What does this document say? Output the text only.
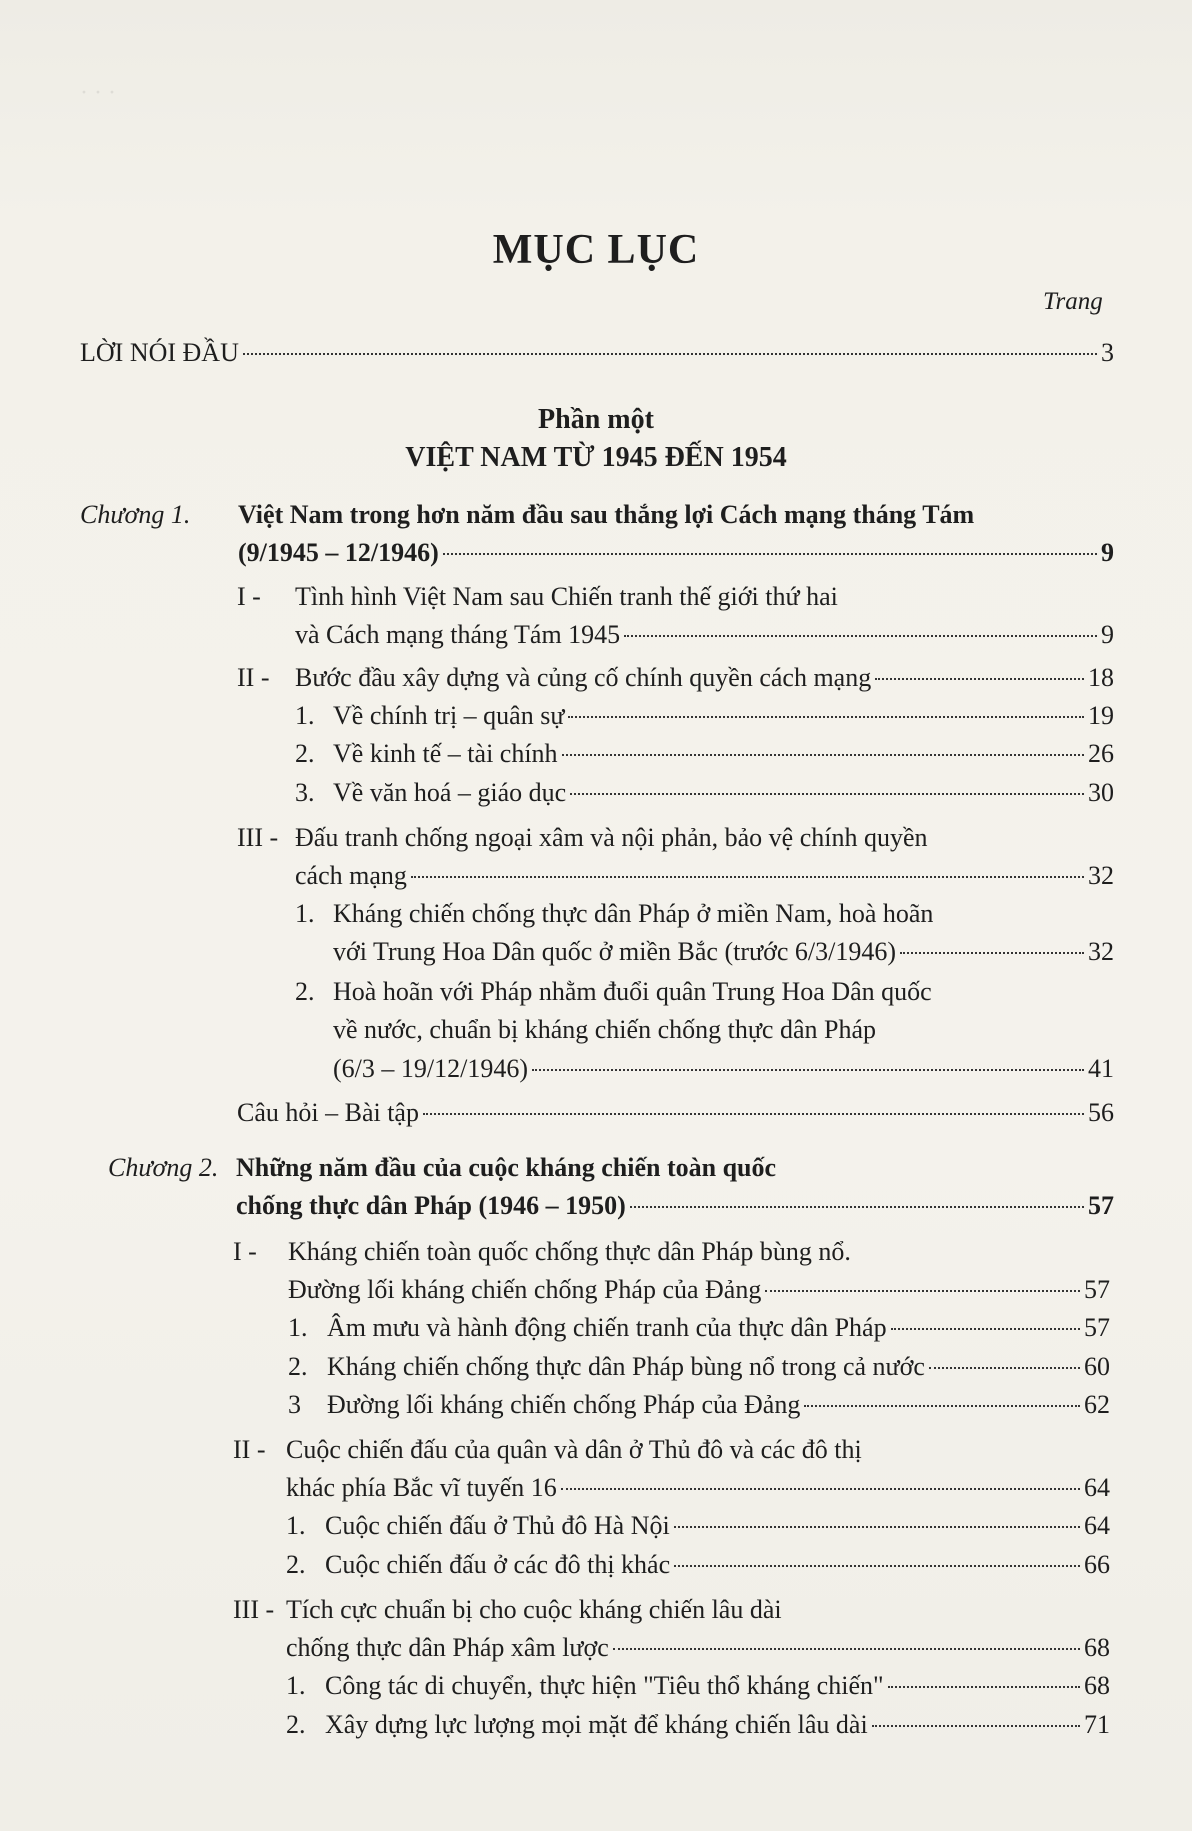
· · ·
MỤC LỤC
Trang
LỜI NÓI ĐẦU	3
Phần một
VIỆT NAM TỪ 1945 ĐẾN 1954
Chương 1. Việt Nam trong hơn năm đầu sau thắng lợi Cách mạng tháng Tám
(9/1945 – 12/1946)	9
I - Tình hình Việt Nam sau Chiến tranh thế giới thứ hai
và Cách mạng tháng Tám 1945	9
II - Bước đầu xây dựng và củng cố chính quyền cách mạng	18
1. Về chính trị – quân sự	19
2. Về kinh tế – tài chính	26
3. Về văn hoá – giáo dục	30
III - Đấu tranh chống ngoại xâm và nội phản, bảo vệ chính quyền
cách mạng	32
1. Kháng chiến chống thực dân Pháp ở miền Nam, hoà hoãn
với Trung Hoa Dân quốc ở miền Bắc (trước 6/3/1946)	32
2. Hoà hoãn với Pháp nhằm đuổi quân Trung Hoa Dân quốc
về nước, chuẩn bị kháng chiến chống thực dân Pháp
(6/3 – 19/12/1946)	41
Câu hỏi – Bài tập	56
Chương 2. Những năm đầu của cuộc kháng chiến toàn quốc
chống thực dân Pháp (1946 – 1950)	57
I - Kháng chiến toàn quốc chống thực dân Pháp bùng nổ.
Đường lối kháng chiến chống Pháp của Đảng	57
1. Âm mưu và hành động chiến tranh của thực dân Pháp	57
2. Kháng chiến chống thực dân Pháp bùng nổ trong cả nước	60
3 Đường lối kháng chiến chống Pháp của Đảng	62
II - Cuộc chiến đấu của quân và dân ở Thủ đô và các đô thị
khác phía Bắc vĩ tuyến 16	64
1. Cuộc chiến đấu ở Thủ đô Hà Nội	64
2. Cuộc chiến đấu ở các đô thị khác	66
III - Tích cực chuẩn bị cho cuộc kháng chiến lâu dài
chống thực dân Pháp xâm lược	68
1. Công tác di chuyển, thực hiện "Tiêu thổ kháng chiến"	68
2. Xây dựng lực lượng mọi mặt để kháng chiến lâu dài	71
